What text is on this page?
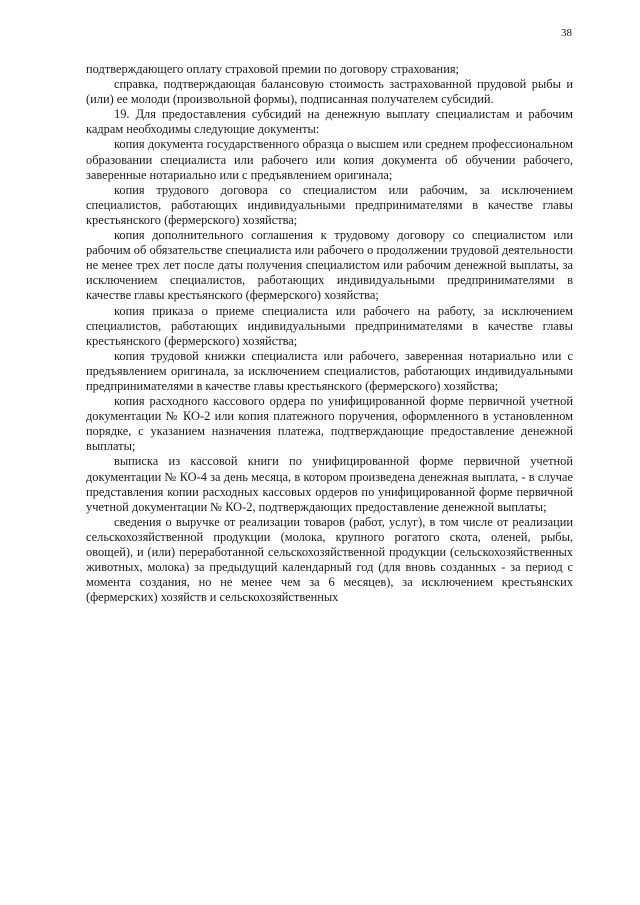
38

подтверждающего оплату страховой премии по договору страхования;

справка, подтверждающая балансовую стоимость застрахованной прудовой рыбы и (или) ее молоди (произвольной формы), подписанная получателем субсидий.

19. Для предоставления субсидий на денежную выплату специалистам и рабочим кадрам необходимы следующие документы:

копия документа государственного образца о высшем или среднем профессиональном образовании специалиста или рабочего или копия документа об обучении рабочего, заверенные нотариально или с предъявлением оригинала;

копия трудового договора со специалистом или рабочим, за исключением специалистов, работающих индивидуальными предпринимателями в качестве главы крестьянского (фермерского) хозяйства;

копия дополнительного соглашения к трудовому договору со специалистом или рабочим об обязательстве специалиста или рабочего о продолжении трудовой деятельности не менее трех лет после даты получения специалистом или рабочим денежной выплаты, за исключением специалистов, работающих индивидуальными предпринимателями в качестве главы крестьянского (фермерского) хозяйства;

копия приказа о приеме специалиста или рабочего на работу, за исключением специалистов, работающих индивидуальными предпринимателями в качестве главы крестьянского (фермерского) хозяйства;

копия трудовой книжки специалиста или рабочего, заверенная нотариально или с предъявлением оригинала, за исключением специалистов, работающих индивидуальными предпринимателями в качестве главы крестьянского (фермерского) хозяйства;

копия расходного кассового ордера по унифицированной форме первичной учетной документации № КО-2 или копия платежного поручения, оформленного в установленном порядке, с указанием назначения платежа, подтверждающие предоставление денежной выплаты;

выписка из кассовой книги по унифицированной форме первичной учетной документации № КО-4 за день месяца, в котором произведена денежная выплата, - в случае представления копии расходных кассовых ордеров по унифицированной форме первичной учетной документации № КО-2, подтверждающих предоставление денежной выплаты;

сведения о выручке от реализации товаров (работ, услуг), в том числе от реализации сельскохозяйственной продукции (молока, крупного рогатого скота, оленей, рыбы, овощей), и (или) переработанной сельскохозяйственной продукции (сельскохозяйственных животных, молока) за предыдущий календарный год (для вновь созданных - за период с момента создания, но не менее чем за 6 месяцев), за исключением крестьянских (фермерских) хозяйств и сельскохозяйственных
